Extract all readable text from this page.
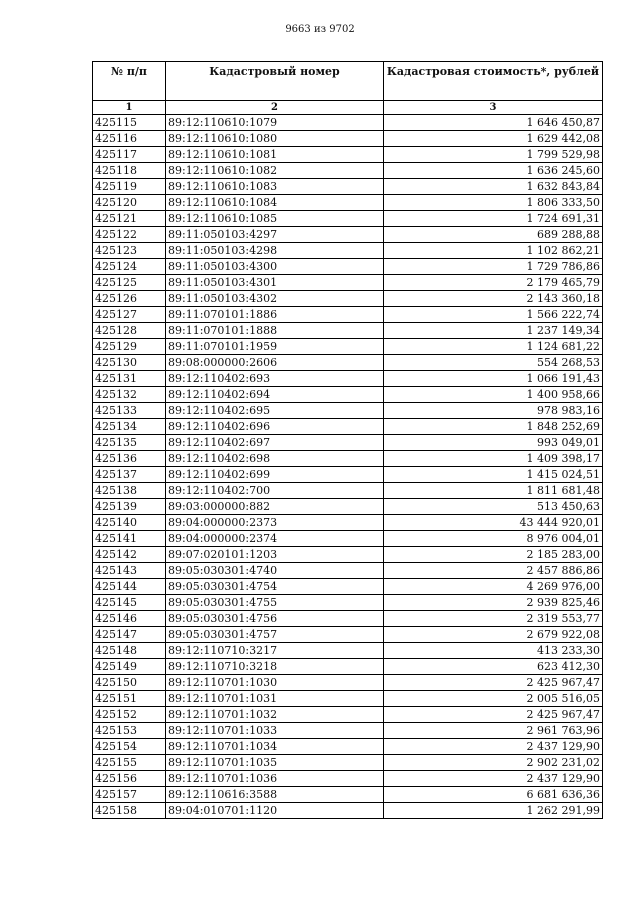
9663 из 9702
№ п/п	Кадастровый номер	Кадастровая стоимость*, рублей
1	2	3
425115	89:12:110610:1079	1 646 450,87
425116	89:12:110610:1080	1 629 442,08
425117	89:12:110610:1081	1 799 529,98
425118	89:12:110610:1082	1 636 245,60
425119	89:12:110610:1083	1 632 843,84
425120	89:12:110610:1084	1 806 333,50
425121	89:12:110610:1085	1 724 691,31
425122	89:11:050103:4297	689 288,88
425123	89:11:050103:4298	1 102 862,21
425124	89:11:050103:4300	1 729 786,86
425125	89:11:050103:4301	2 179 465,79
425126	89:11:050103:4302	2 143 360,18
425127	89:11:070101:1886	1 566 222,74
425128	89:11:070101:1888	1 237 149,34
425129	89:11:070101:1959	1 124 681,22
425130	89:08:000000:2606	554 268,53
425131	89:12:110402:693	1 066 191,43
425132	89:12:110402:694	1 400 958,66
425133	89:12:110402:695	978 983,16
425134	89:12:110402:696	1 848 252,69
425135	89:12:110402:697	993 049,01
425136	89:12:110402:698	1 409 398,17
425137	89:12:110402:699	1 415 024,51
425138	89:12:110402:700	1 811 681,48
425139	89:03:000000:882	513 450,63
425140	89:04:000000:2373	43 444 920,01
425141	89:04:000000:2374	8 976 004,01
425142	89:07:020101:1203	2 185 283,00
425143	89:05:030301:4740	2 457 886,86
425144	89:05:030301:4754	4 269 976,00
425145	89:05:030301:4755	2 939 825,46
425146	89:05:030301:4756	2 319 553,77
425147	89:05:030301:4757	2 679 922,08
425148	89:12:110710:3217	413 233,30
425149	89:12:110710:3218	623 412,30
425150	89:12:110701:1030	2 425 967,47
425151	89:12:110701:1031	2 005 516,05
425152	89:12:110701:1032	2 425 967,47
425153	89:12:110701:1033	2 961 763,96
425154	89:12:110701:1034	2 437 129,90
425155	89:12:110701:1035	2 902 231,02
425156	89:12:110701:1036	2 437 129,90
425157	89:12:110616:3588	6 681 636,36
425158	89:04:010701:1120	1 262 291,99
